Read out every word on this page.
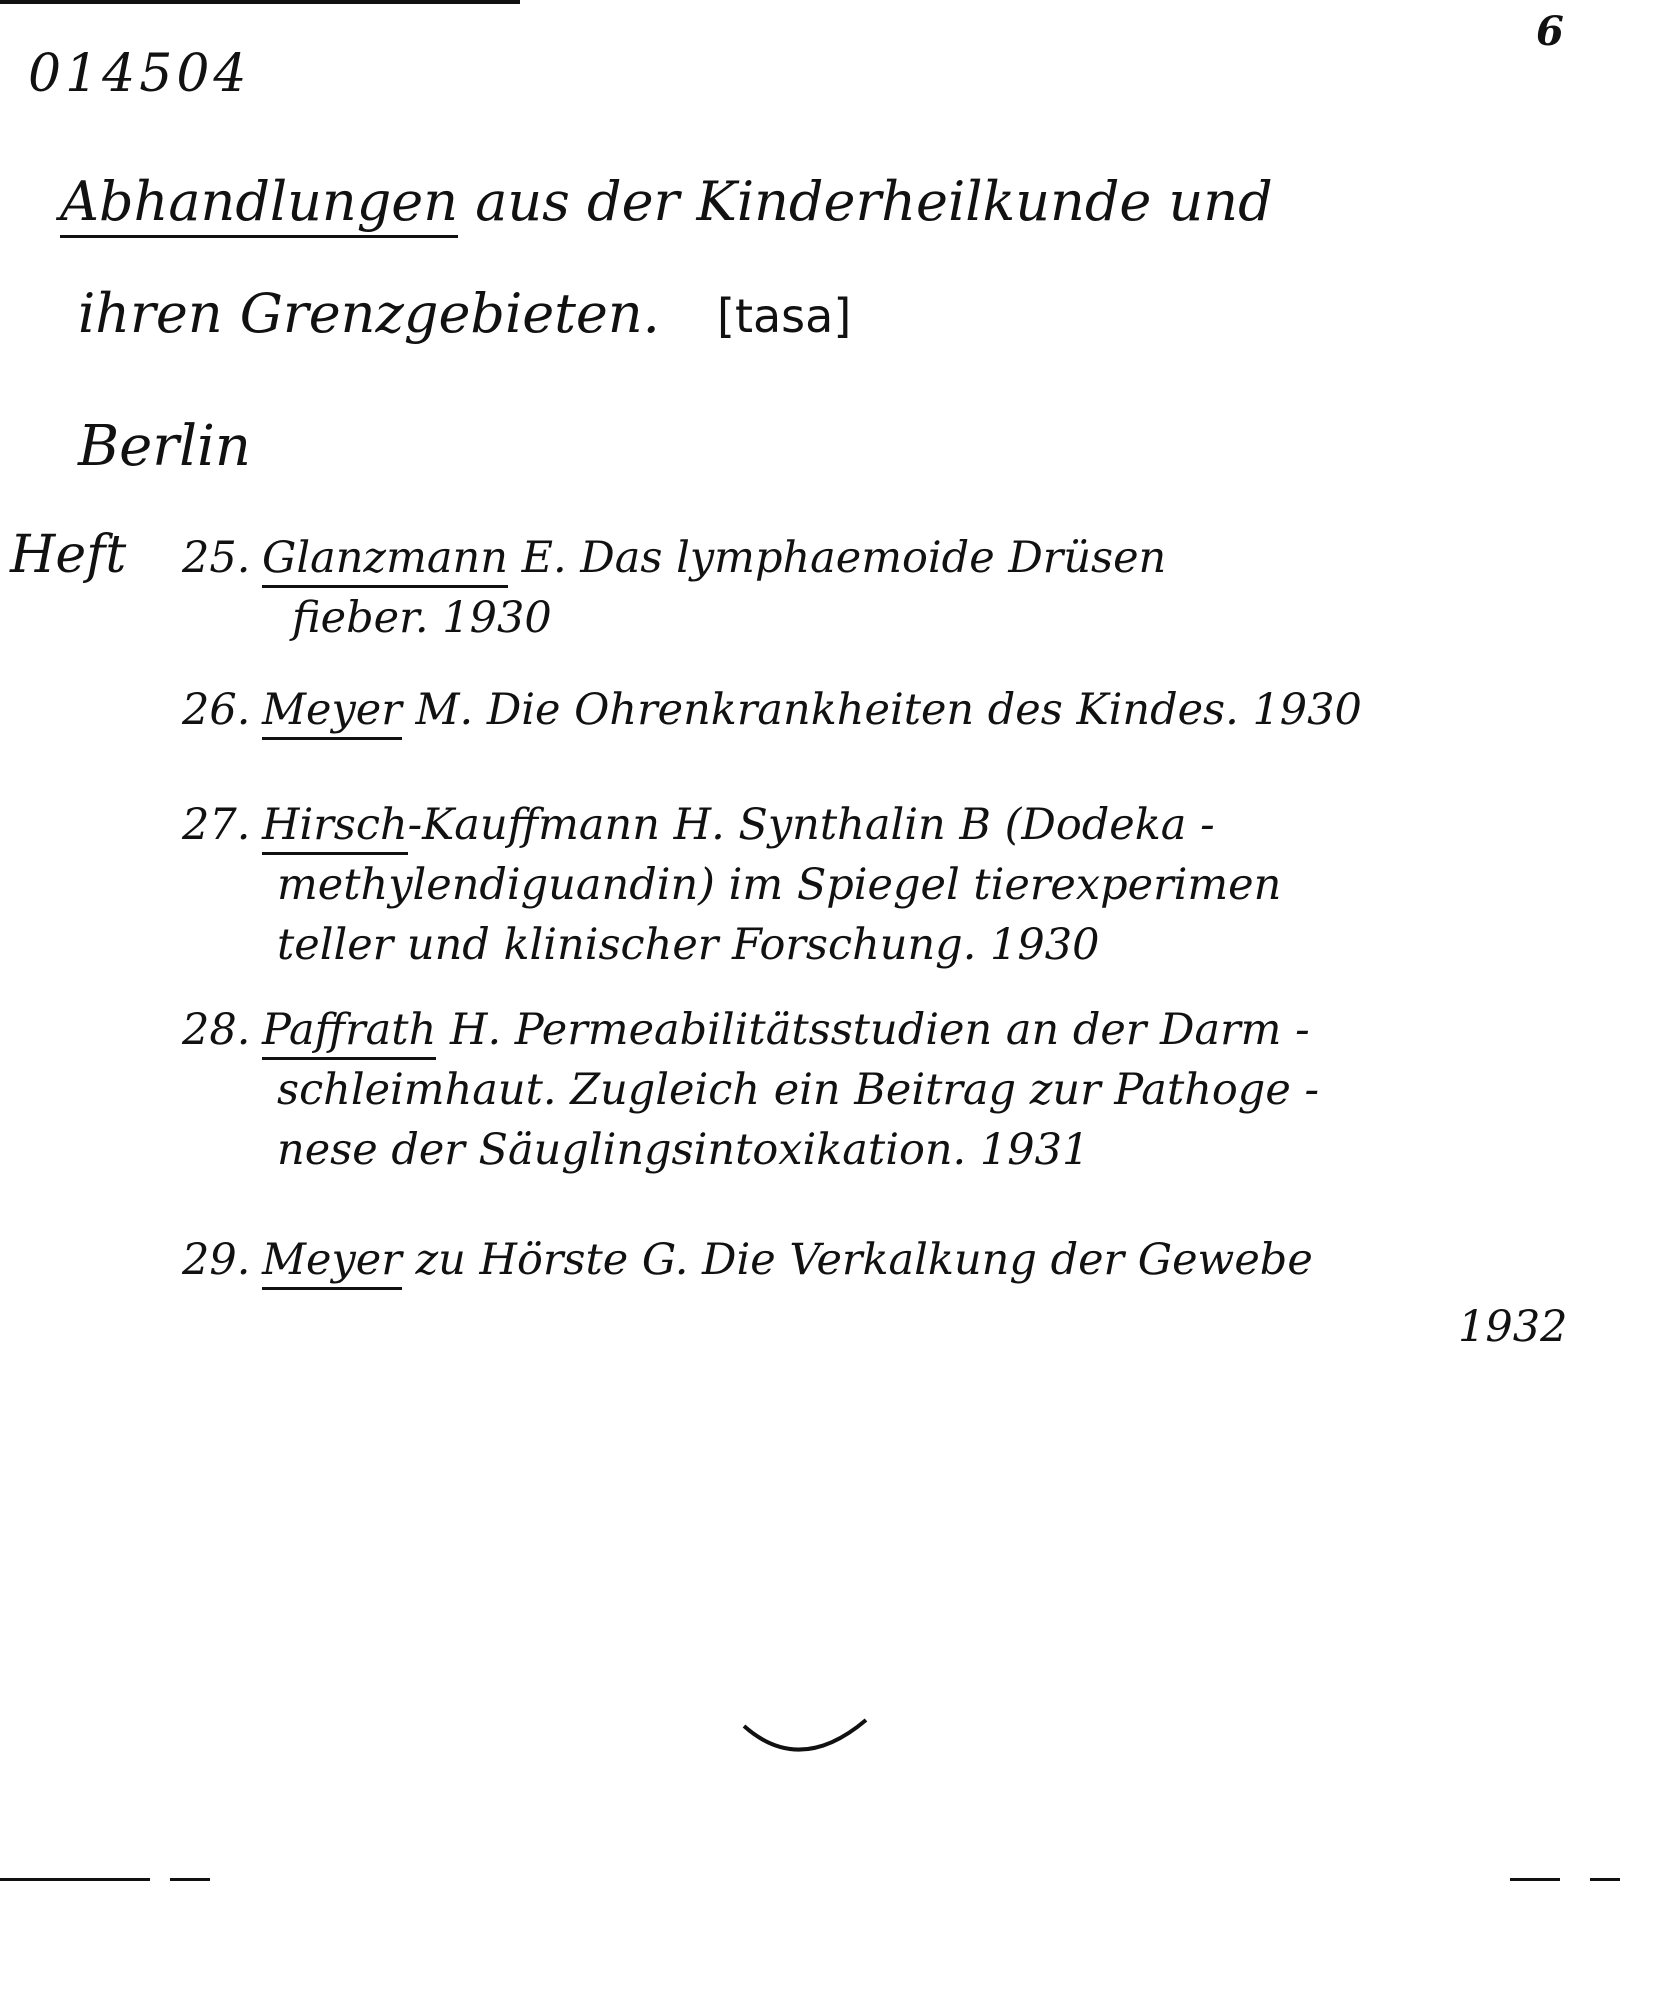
014504
6
Abhandlungen aus der Kinderheilkunde und
ihren Grenzgebieten. [tasa]
Berlin
Heft 25. Glanzmann E. Das lymphaemoide Drüsen
fieber. 1930
26. Meyer M. Die Ohrenkrankheiten des Kindes. 1930
27. Hirsch-Kauffmann H. Synthalin B (Dodeka -
methylendiguandin) im Spiegel tierexperimen
teller und klinischer Forschung. 1930
28. Paffrath H. Permeabilitätsstudien an der Darm -
schleimhaut. Zugleich ein Beitrag zur Pathoge -
nese der Säuglingsintoxikation. 1931
29. Meyer zu Hörste G. Die Verkalkung der Gewebe
1932
